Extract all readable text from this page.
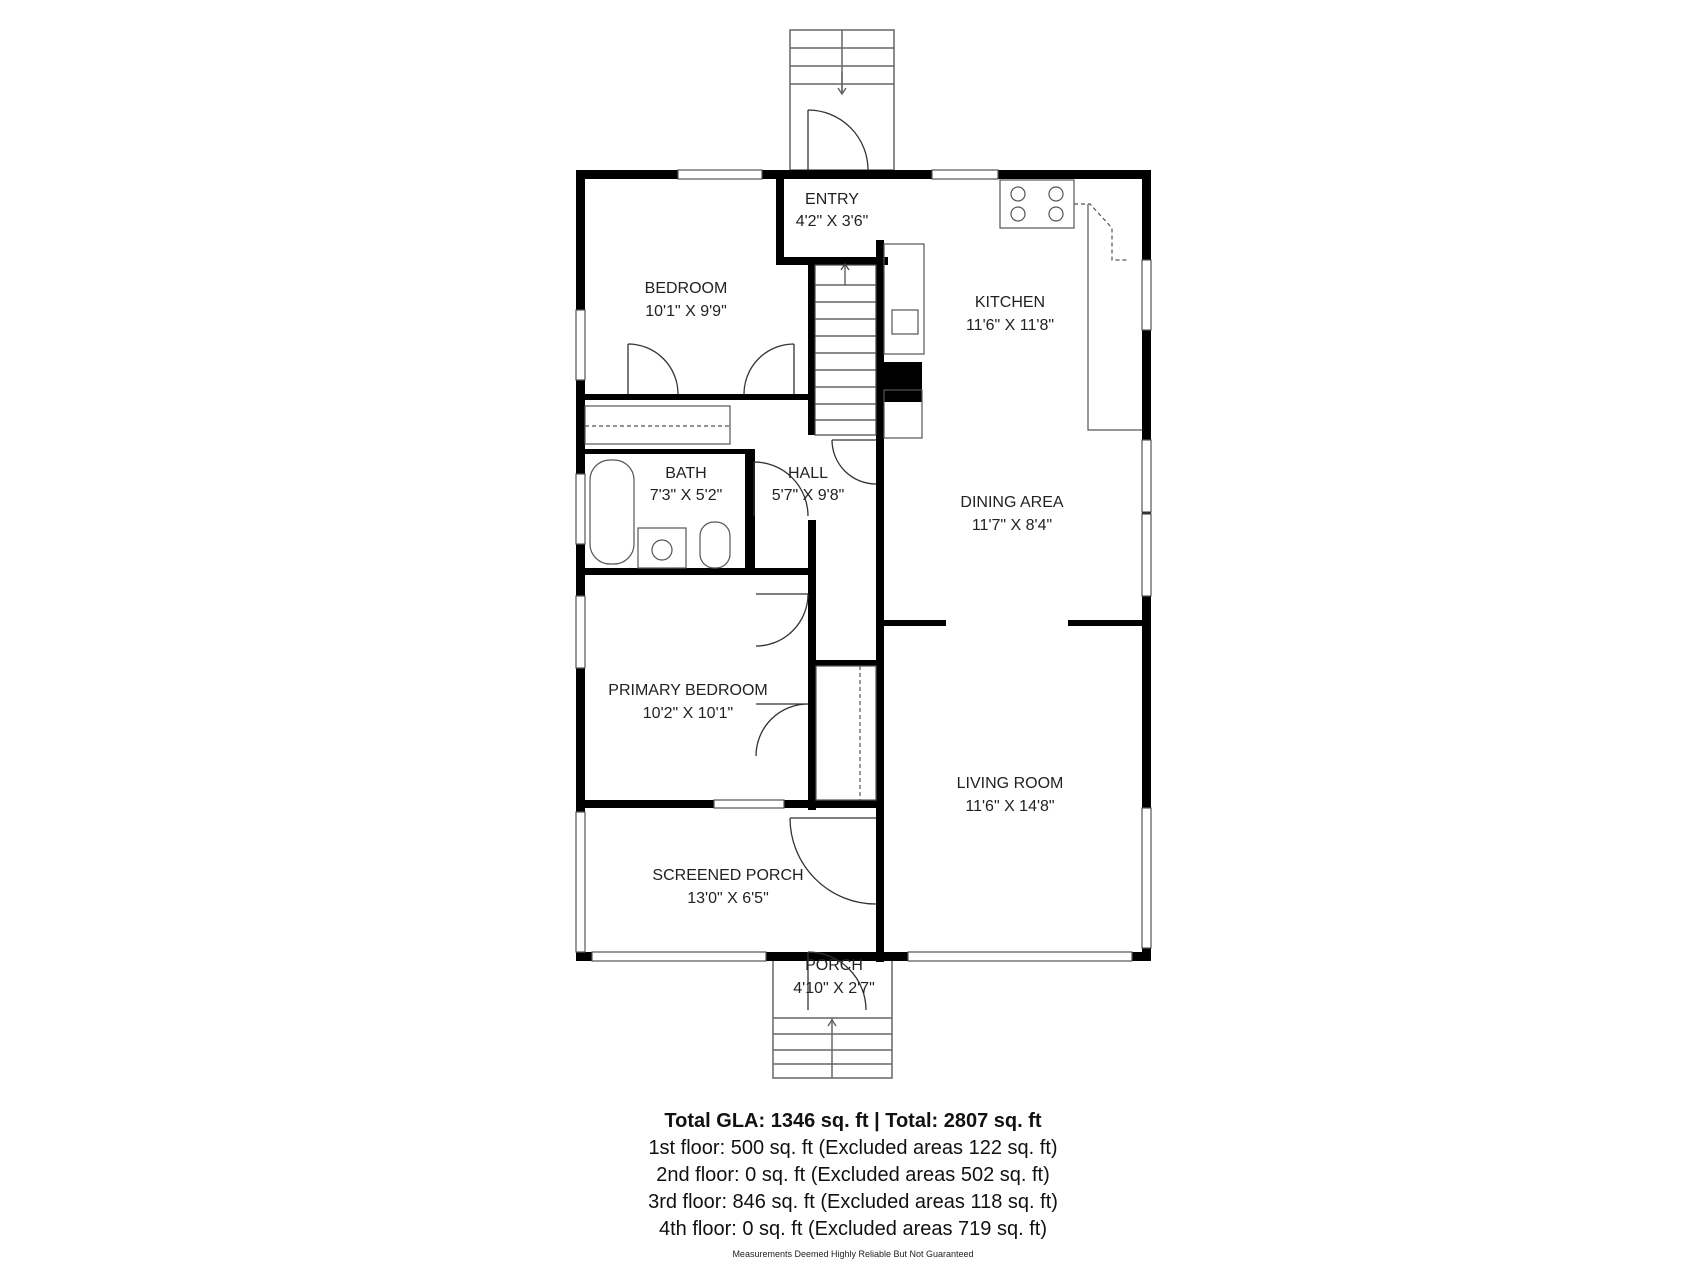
ENTRY
4'2" X 3'6"
BEDROOM
10'1" X 9'9"
KITCHEN
11'6" X 11'8"
BATH
7'3" X 5'2"
HALL
5'7" X 9'8"	DINING AREA
11'7" X 8'4"
PRIMARY BEDROOM
10'2" X 10'1"
LIVING ROOM
11'6" X 14'8"
SCREENED PORCH
13'0" X 6'5"
PORCH
4'10" X 2'7"
Total GLA: 1346 sq. ft | Total: 2807 sq. ft
1st floor: 500 sq. ft (Excluded areas 122 sq. ft)
2nd floor: 0 sq. ft (Excluded areas 502 sq. ft)
3rd floor: 846 sq. ft (Excluded areas 118 sq. ft)
4th floor: 0 sq. ft (Excluded areas 719 sq. ft)
Measurements Deemed Highly Reliable But Not Guaranteed
